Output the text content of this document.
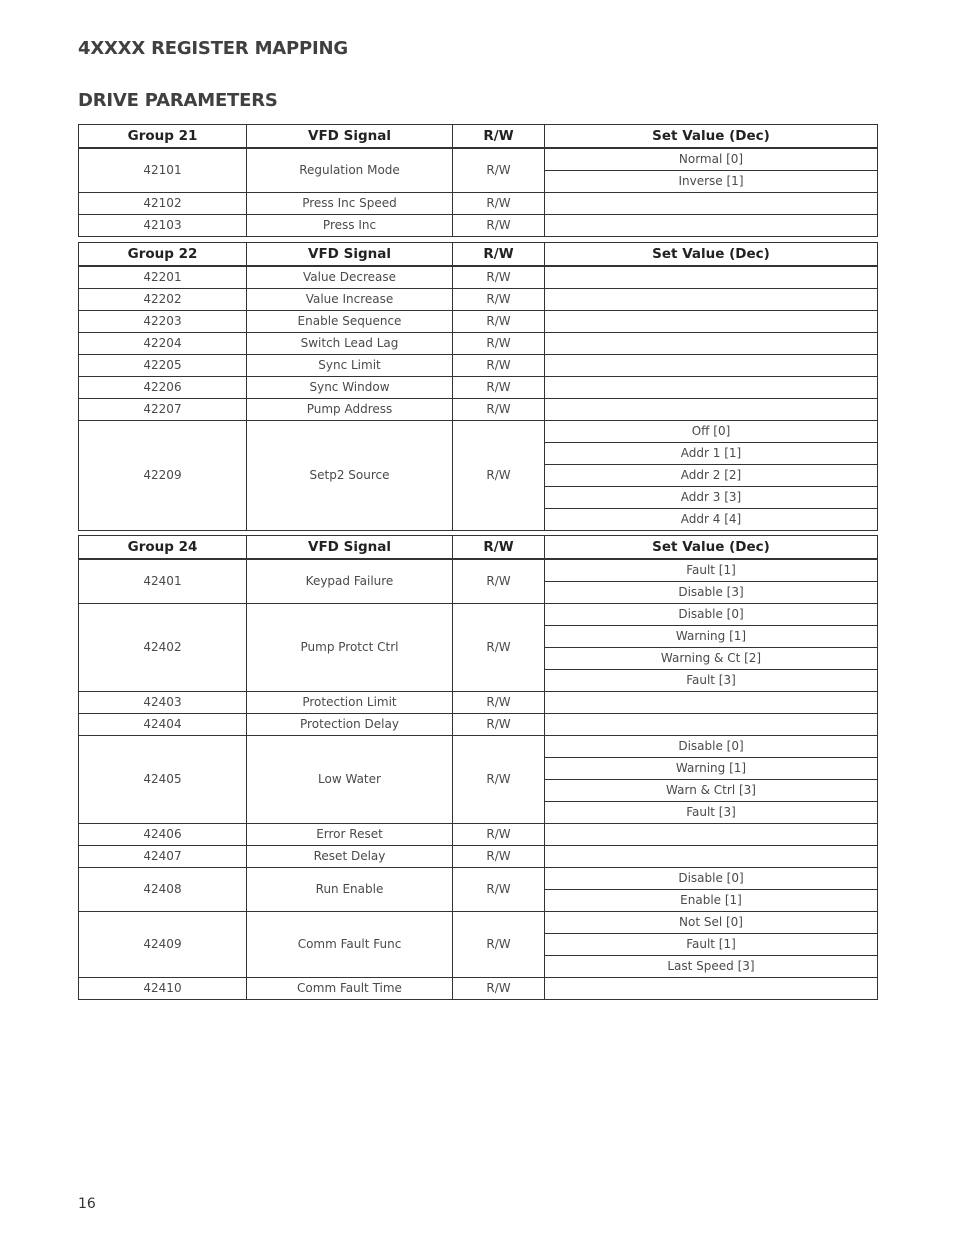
4XXXX REGISTER MAPPING
DRIVE PARAMETERS
Group 21	VFD Signal	R/W	Set Value (Dec)
42101	Regulation Mode	R/W	Normal [0]
			Inverse [1]
42102	Press Inc Speed	R/W	
42103	Press Inc	R/W	
Group 22	VFD Signal	R/W	Set Value (Dec)
42201	Value Decrease	R/W	
42202	Value Increase	R/W	
42203	Enable Sequence	R/W	
42204	Switch Lead Lag	R/W	
42205	Sync Limit	R/W	
42206	Sync Window	R/W	
42207	Pump Address	R/W	
42209	Setp2 Source	R/W	Off [0]
			Addr 1 [1]
			Addr 2 [2]
			Addr 3 [3]
			Addr 4 [4]
Group 24	VFD Signal	R/W	Set Value (Dec)
42401	Keypad Failure	R/W	Fault [1]
			Disable [3]
42402	Pump Protct Ctrl	R/W	Disable [0]
			Warning [1]
			Warning & Ct [2]
			Fault [3]
42403	Protection Limit	R/W	
42404	Protection Delay	R/W	
42405	Low Water	R/W	Disable [0]
			Warning [1]
			Warn & Ctrl [3]
			Fault [3]
42406	Error Reset	R/W	
42407	Reset Delay	R/W	
42408	Run Enable	R/W	Disable [0]
			Enable [1]
42409	Comm Fault Func	R/W	Not Sel [0]
			Fault [1]
			Last Speed [3]
42410	Comm Fault Time	R/W	
16
